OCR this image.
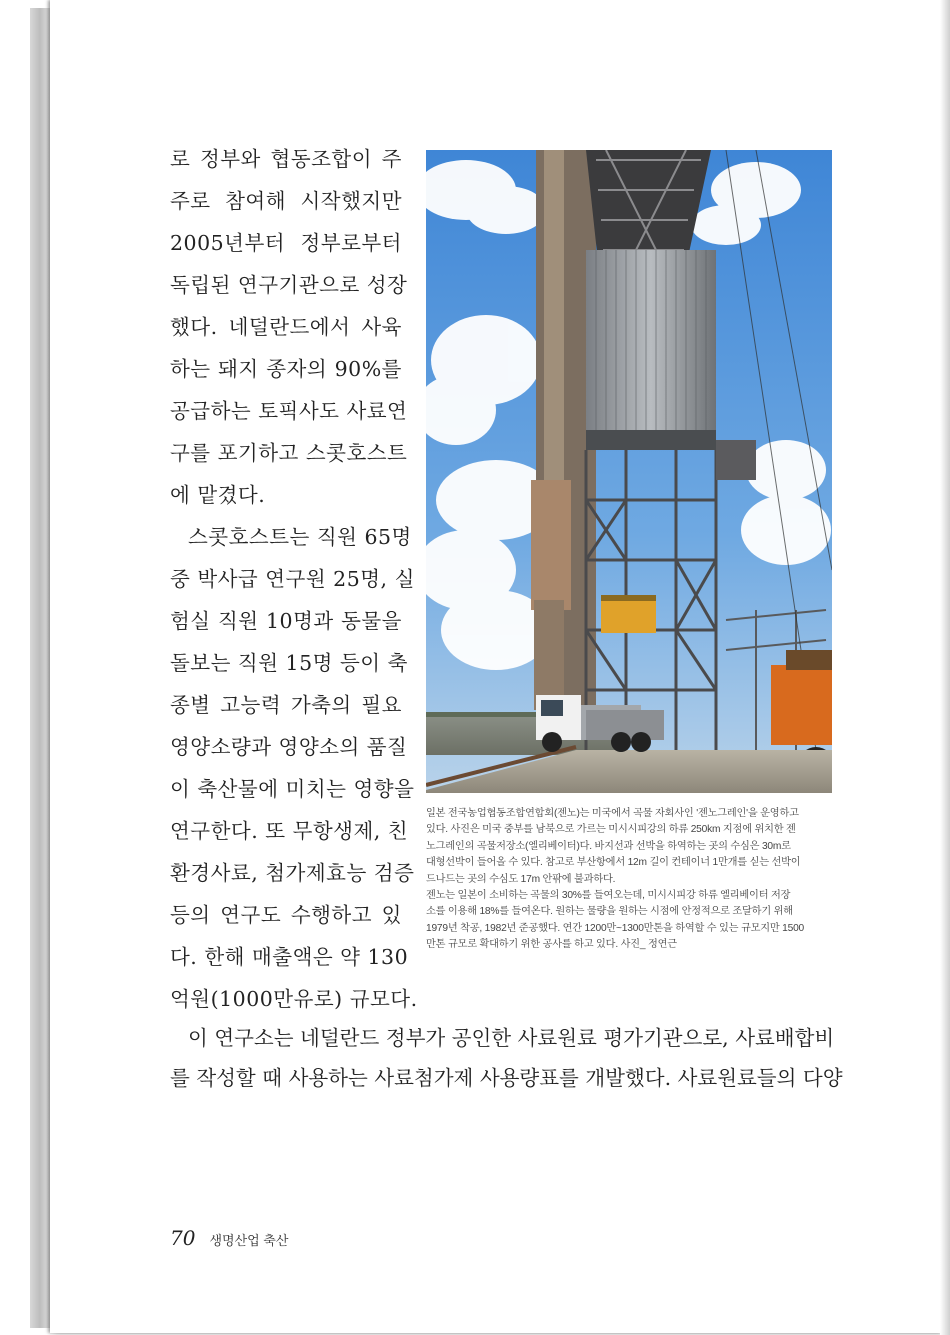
로 정부와 협동조합이 주
주로 참여해 시작했지만
2005년부터 정부로부터
독립된 연구기관으로 성장
했다. 네덜란드에서 사육
하는 돼지 종자의 90%를
공급하는 토픽사도 사료연
구를 포기하고 스콧호스트
에 맡겼다.
스콧호스트는 직원 65명
중 박사급 연구원 25명, 실
험실 직원 10명과 동물을
돌보는 직원 15명 등이 축
종별 고능력 가축의 필요
영양소량과 영양소의 품질
이 축산물에 미치는 영향을
연구한다. 또 무항생제, 친
환경사료, 첨가제효능 검증
등의 연구도 수행하고 있
다. 한해 매출액은 약 130
억원(1000만유로) 규모다.
일본 전국농업협동조합연합회(젠노)는 미국에서 곡물 자회사인 '젠노그레인'을 운영하고
있다. 사진은 미국 중부를 남북으로 가르는 미시시피강의 하류 250km 지점에 위치한 젠
노그레인의 곡물저장소(엘리베이터)다. 바지선과 선박을 하역하는 곳의 수심은 30m로
대형선박이 들어올 수 있다. 참고로 부산항에서 12m 길이 컨테이너 1만개를 싣는 선박이
드나드는 곳의 수심도 17m 안팎에 불과하다.
젠노는 일본이 소비하는 곡물의 30%를 들여오는데, 미시시피강 하류 엘리베이터 저장
소를 이용해 18%를 들여온다. 원하는 물량을 원하는 시점에 안정적으로 조달하기 위해
1979년 착공, 1982년 준공했다. 연간 1200만~1300만톤을 하역할 수 있는 규모지만 1500
만톤 규모로 확대하기 위한 공사를 하고 있다. 사진_ 정연근
이 연구소는 네덜란드 정부가 공인한 사료원료 평가기관으로, 사료배합비
를 작성할 때 사용하는 사료첨가제 사용량표를 개발했다. 사료원료들의 다양
70 생명산업 축산
